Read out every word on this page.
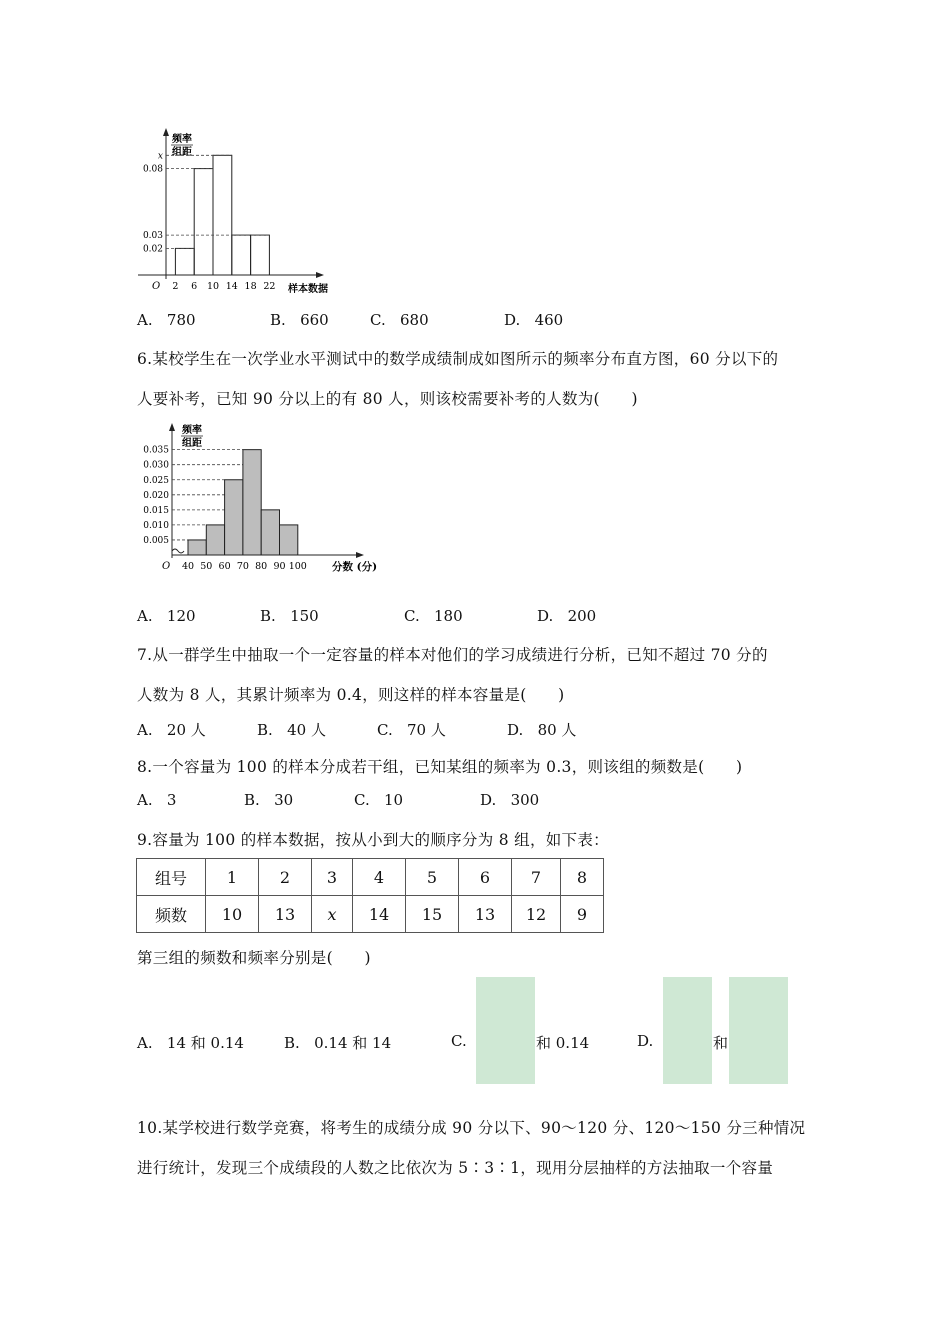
频率
组距
x
0.08
0.03
0.02
2 6 10 14 18 22
O	样本数据
A.   780	B.   660	C.   680	D.   460
6.某校学生在一次学业水平测试中的数学成绩制成如图所示的频率分布直方图，60 分以下的
人要补考，已知 90 分以上的有 80 人，则该校需要补考的人数为(　　)
频率
组距
0.035
0.030
0.025
0.020
0.015
0.010
0.005
40 50 60 70 80 90 100
O	分数 (分)
A.   120	B.   150	C.   180	D.   200
7.从一群学生中抽取一个一定容量的样本对他们的学习成绩进行分析，已知不超过 70 分的
人数为 8 人，其累计频率为 0.4，则这样的样本容量是(　　)
A.   20 人	B.   40 人	C.   70 人	D.   80 人
8.一个容量为 100 的样本分成若干组，已知某组的频率为 0.3，则该组的频数是(　　)
A.   3	B.   30	C.   10	D.   300
9.容量为 100 的样本数据，按从小到大的顺序分为 8 组，如下表：
组号	1	2	3	4	5	6	7	8
频数	10	13	x	14	15	13	12	9
第三组的频数和频率分别是(　　)
A.   14 和 0.14	B.   0.14 和 14	C.	和 0.14	D.	和
10.某学校进行数学竞赛，将考生的成绩分成 90 分以下、90～120 分、120～150 分三种情况
进行统计，发现三个成绩段的人数之比依次为 5∶3∶1，现用分层抽样的方法抽取一个容量
